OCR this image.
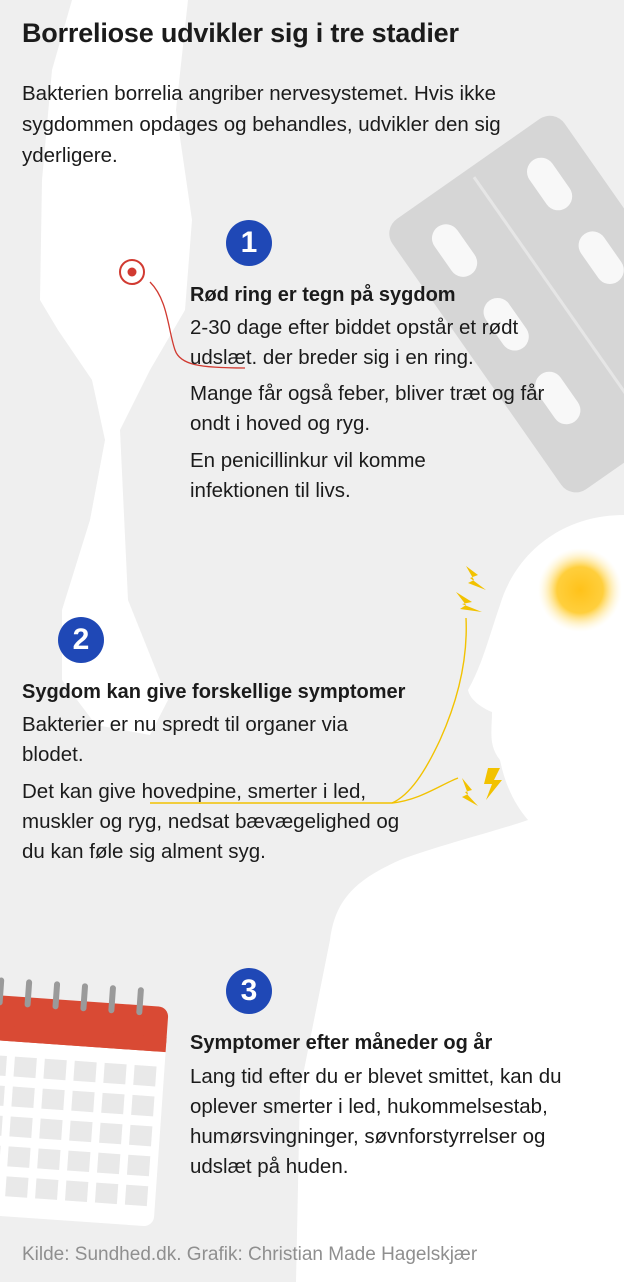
Borreliose udvikler sig i tre stadier

Bakterien borrelia angriber nervesystemet. Hvis ikke sygdommen opdages og behandles, udvikler den sig yderligere.

1
Rød ring er tegn på sygdom

2-30 dage efter biddet opstår et rødt udslæt. der breder sig i en ring.

Mange får også feber, bliver træt og får ondt i hoved og ryg.

En penicillinkur vil komme infektionen til livs.

2
Sygdom kan give forskellige symptomer

Bakterier er nu spredt til organer via blodet.

Det kan give hovedpine, smerter i led, muskler og ryg, nedsat bævægelighed og du kan føle sig alment syg.

3
Symptomer efter måneder og år

Lang tid efter du er blevet smittet, kan du oplever smerter i led, hukommelsestab, humørsvingninger, søvnforstyrrelser og udslæt på huden.

Kilde: Sundhed.dk. Grafik: Christian Made Hagelskjær
